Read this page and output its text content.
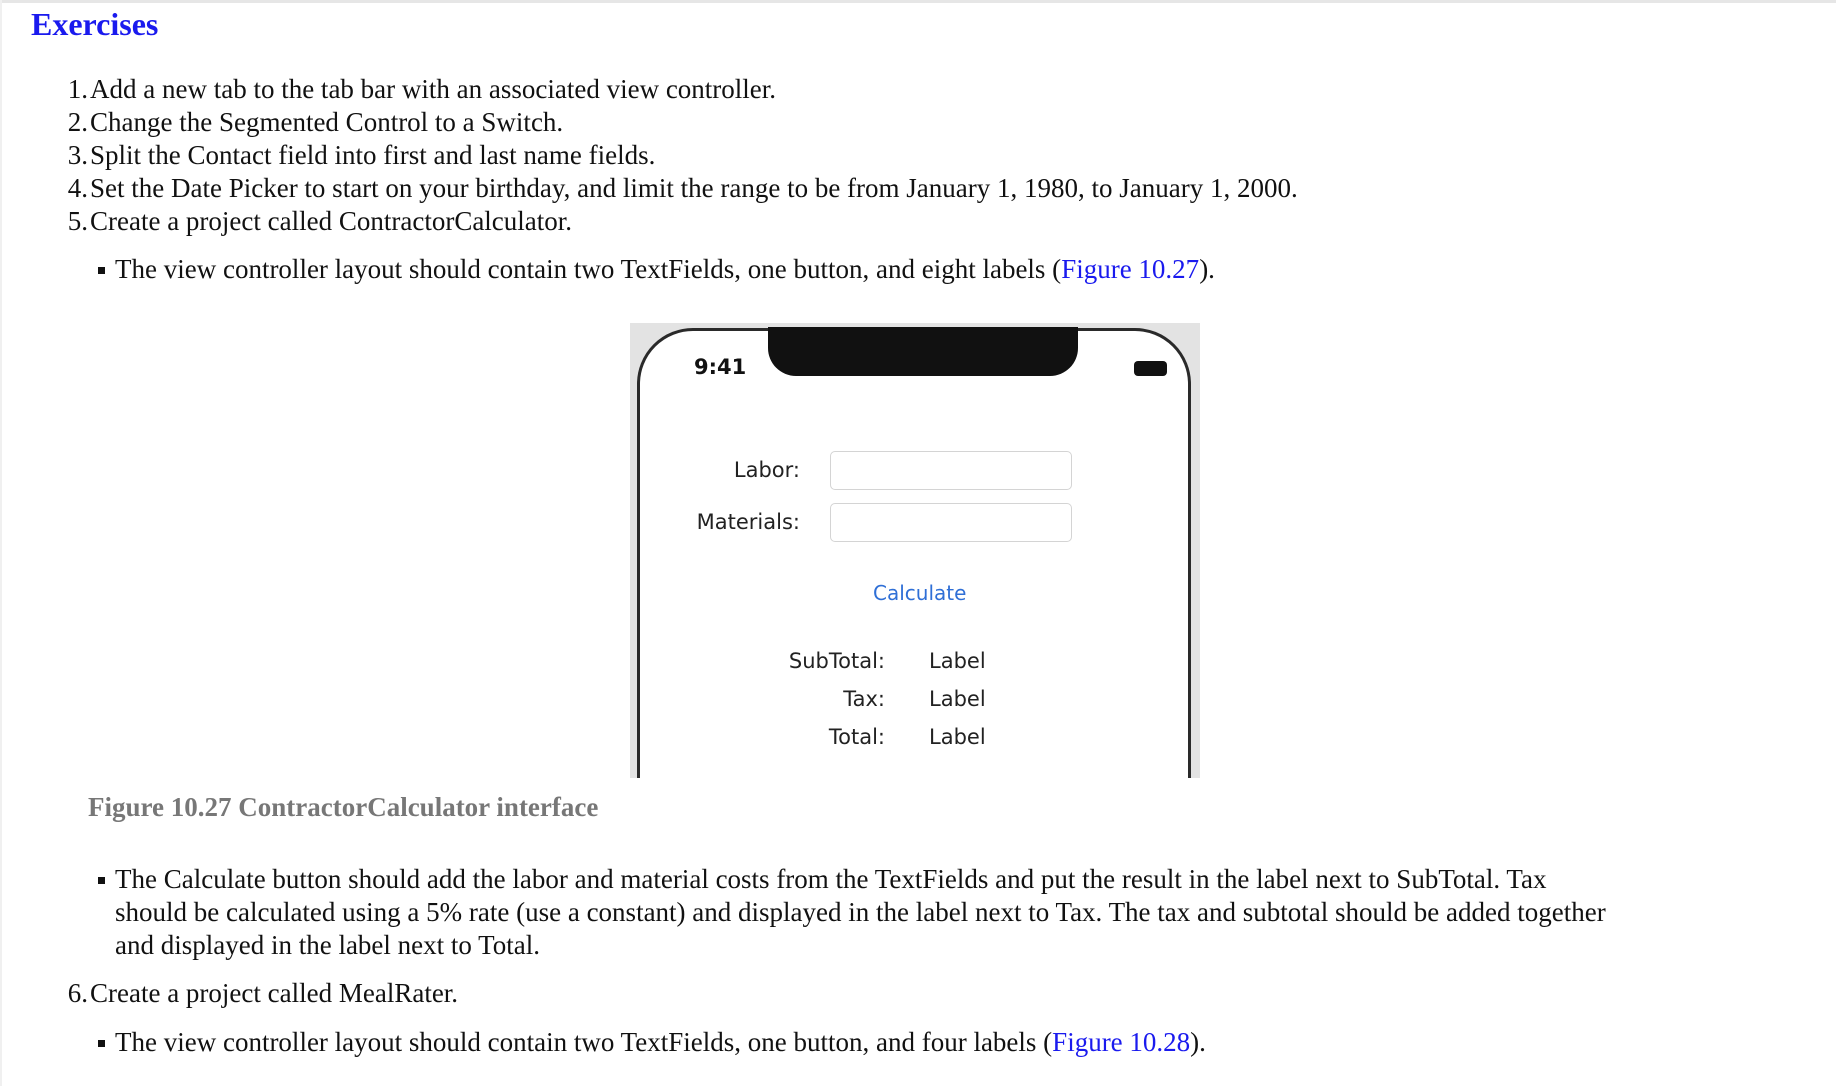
Exercises
1.Add a new tab to the tab bar with an associated view controller.
2.Change the Segmented Control to a Switch.
3.Split the Contact field into first and last name fields.
4.Set the Date Picker to start on your birthday, and limit the range to be from January 1, 1980, to January 1, 2000.
5.Create a project called ContractorCalculator.
The view controller layout should contain two TextFields, one button, and eight labels (Figure 10.27).
9:41
Labor:
Materials:
Calculate
SubTotal: Label
Tax: Label
Total: Label
Figure 10.27 ContractorCalculator interface
The Calculate button should add the labor and material costs from the TextFields and put the result in the label next to SubTotal. Tax
should be calculated using a 5% rate (use a constant) and displayed in the label next to Tax. The tax and subtotal should be added together
and displayed in the label next to Total.
6.Create a project called MealRater.
The view controller layout should contain two TextFields, one button, and four labels (Figure 10.28).
